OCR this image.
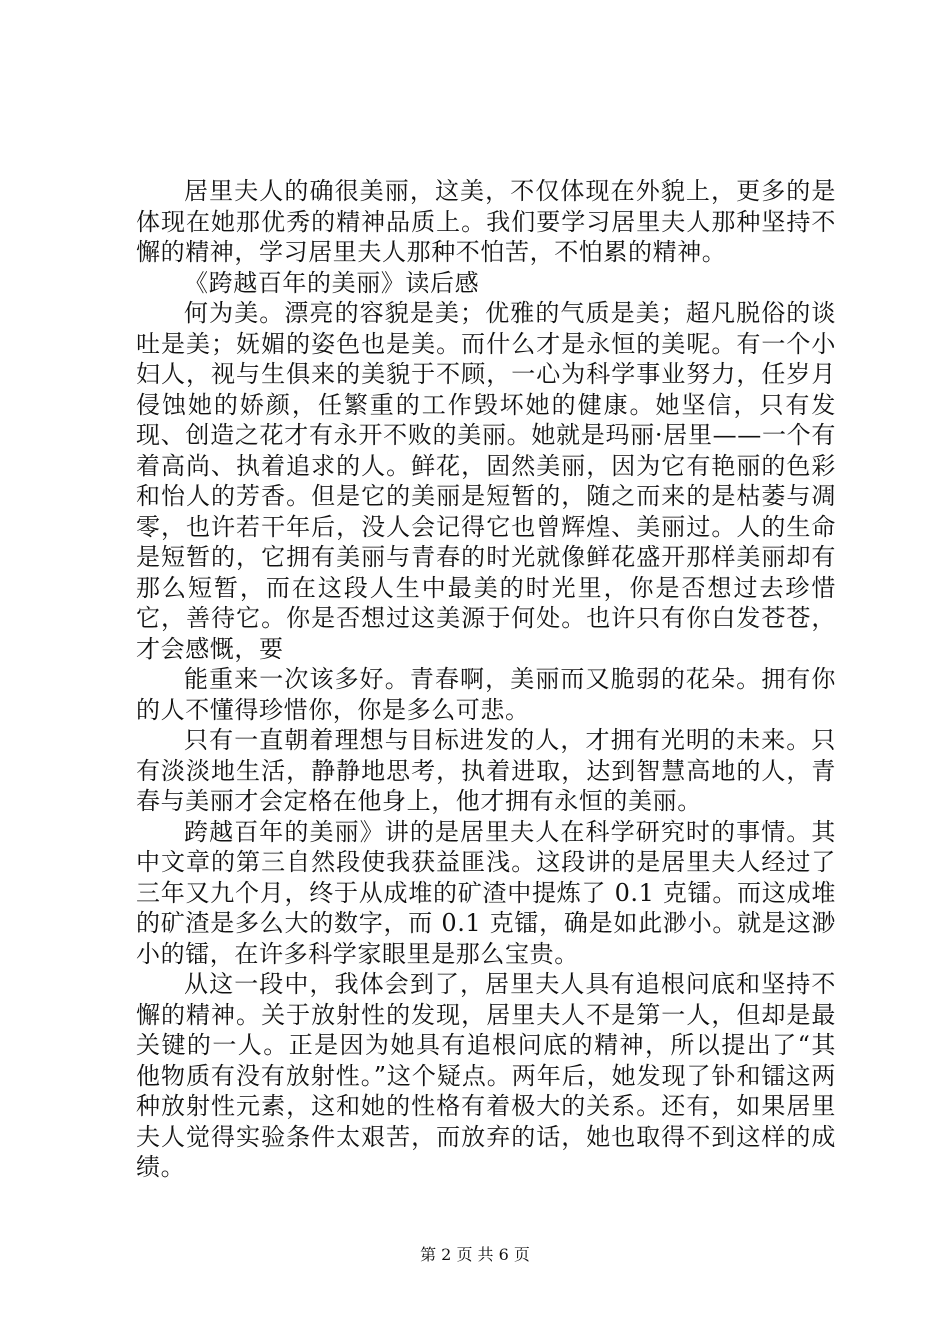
居里夫人的确很美丽，这美，不仅体现在外貌上，更多的是体现在她那优秀的精神品质上。我们要学习居里夫人那种坚持不懈的精神，学习居里夫人那种不怕苦，不怕累的精神。

《跨越百年的美丽》读后感

何为美。漂亮的容貌是美；优雅的气质是美；超凡脱俗的谈吐是美；妩媚的姿色也是美。而什么才是永恒的美呢。有一个小妇人，视与生俱来的美貌于不顾，一心为科学事业努力，任岁月侵蚀她的娇颜，任繁重的工作毁坏她的健康。她坚信，只有发现、创造之花才有永开不败的美丽。她就是玛丽·居里——一个有着高尚、执着追求的人。鲜花，固然美丽，因为它有艳丽的色彩和怡人的芳香。但是它的美丽是短暂的，随之而来的是枯萎与凋零，也许若干年后，没人会记得它也曾辉煌、美丽过。人的生命是短暂的，它拥有美丽与青春的时光就像鲜花盛开那样美丽却有那么短暂，而在这段人生中最美的时光里，你是否想过去珍惜它，善待它。你是否想过这美源于何处。也许只有你白发苍苍，才会感慨，要

能重来一次该多好。青春啊，美丽而又脆弱的花朵。拥有你的人不懂得珍惜你，你是多么可悲。

只有一直朝着理想与目标进发的人，才拥有光明的未来。只有淡淡地生活，静静地思考，执着进取，达到智慧高地的人，青春与美丽才会定格在他身上，他才拥有永恒的美丽。

跨越百年的美丽》讲的是居里夫人在科学研究时的事情。其中文章的第三自然段使我获益匪浅。这段讲的是居里夫人经过了三年又九个月，终于从成堆的矿渣中提炼了 0.1 克镭。而这成堆的矿渣是多么大的数字，而 0.1 克镭，确是如此渺小。就是这渺小的镭，在许多科学家眼里是那么宝贵。

从这一段中，我体会到了，居里夫人具有追根问底和坚持不懈的精神。关于放射性的发现，居里夫人不是第一人，但却是最关键的一人。正是因为她具有追根问底的精神，所以提出了“其他物质有没有放射性。”这个疑点。两年后，她发现了钋和镭这两种放射性元素，这和她的性格有着极大的关系。还有，如果居里夫人觉得实验条件太艰苦，而放弃的话，她也取得不到这样的成绩。

第 2 页 共 6 页
